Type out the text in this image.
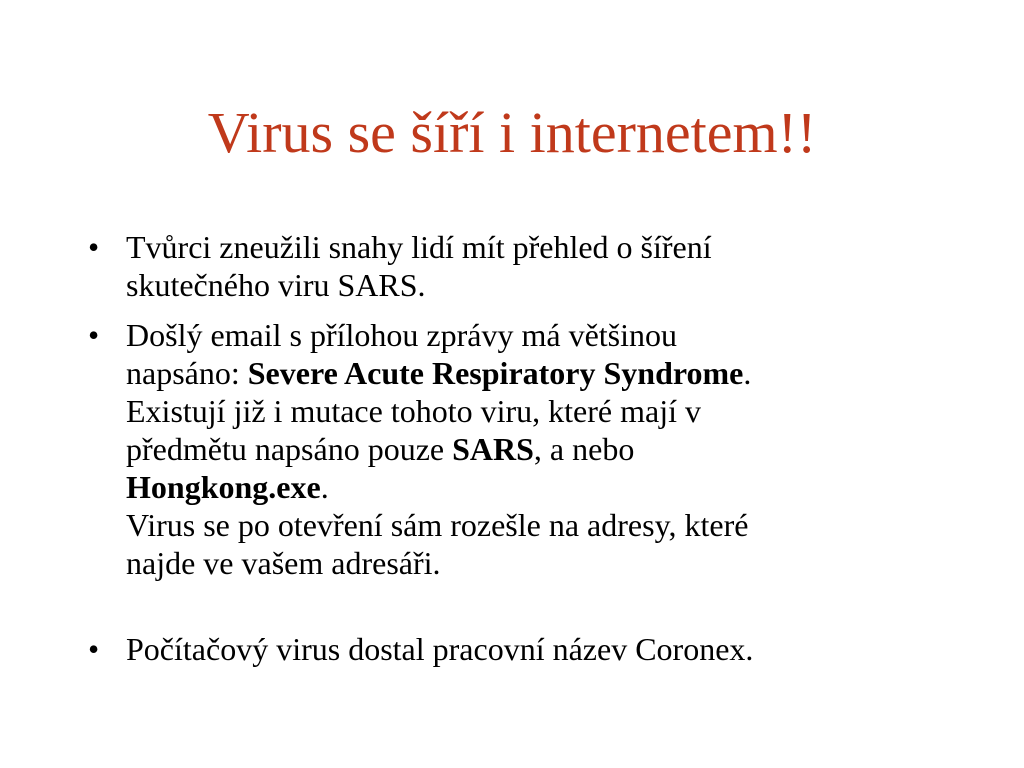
Virus se šíří i internetem!!
• Tvůrci zneužili snahy lidí mít přehled o šíření
skutečného viru SARS.
• Došlý email s přílohou zprávy má většinou
napsáno: Severe Acute Respiratory Syndrome.
Existují již i mutace tohoto viru, které mají v
předmětu napsáno pouze SARS, a nebo
Hongkong.exe.
Virus se po otevření sám rozešle na adresy, které
najde ve vašem adresáři.
• Počítačový virus dostal pracovní název Coronex.
